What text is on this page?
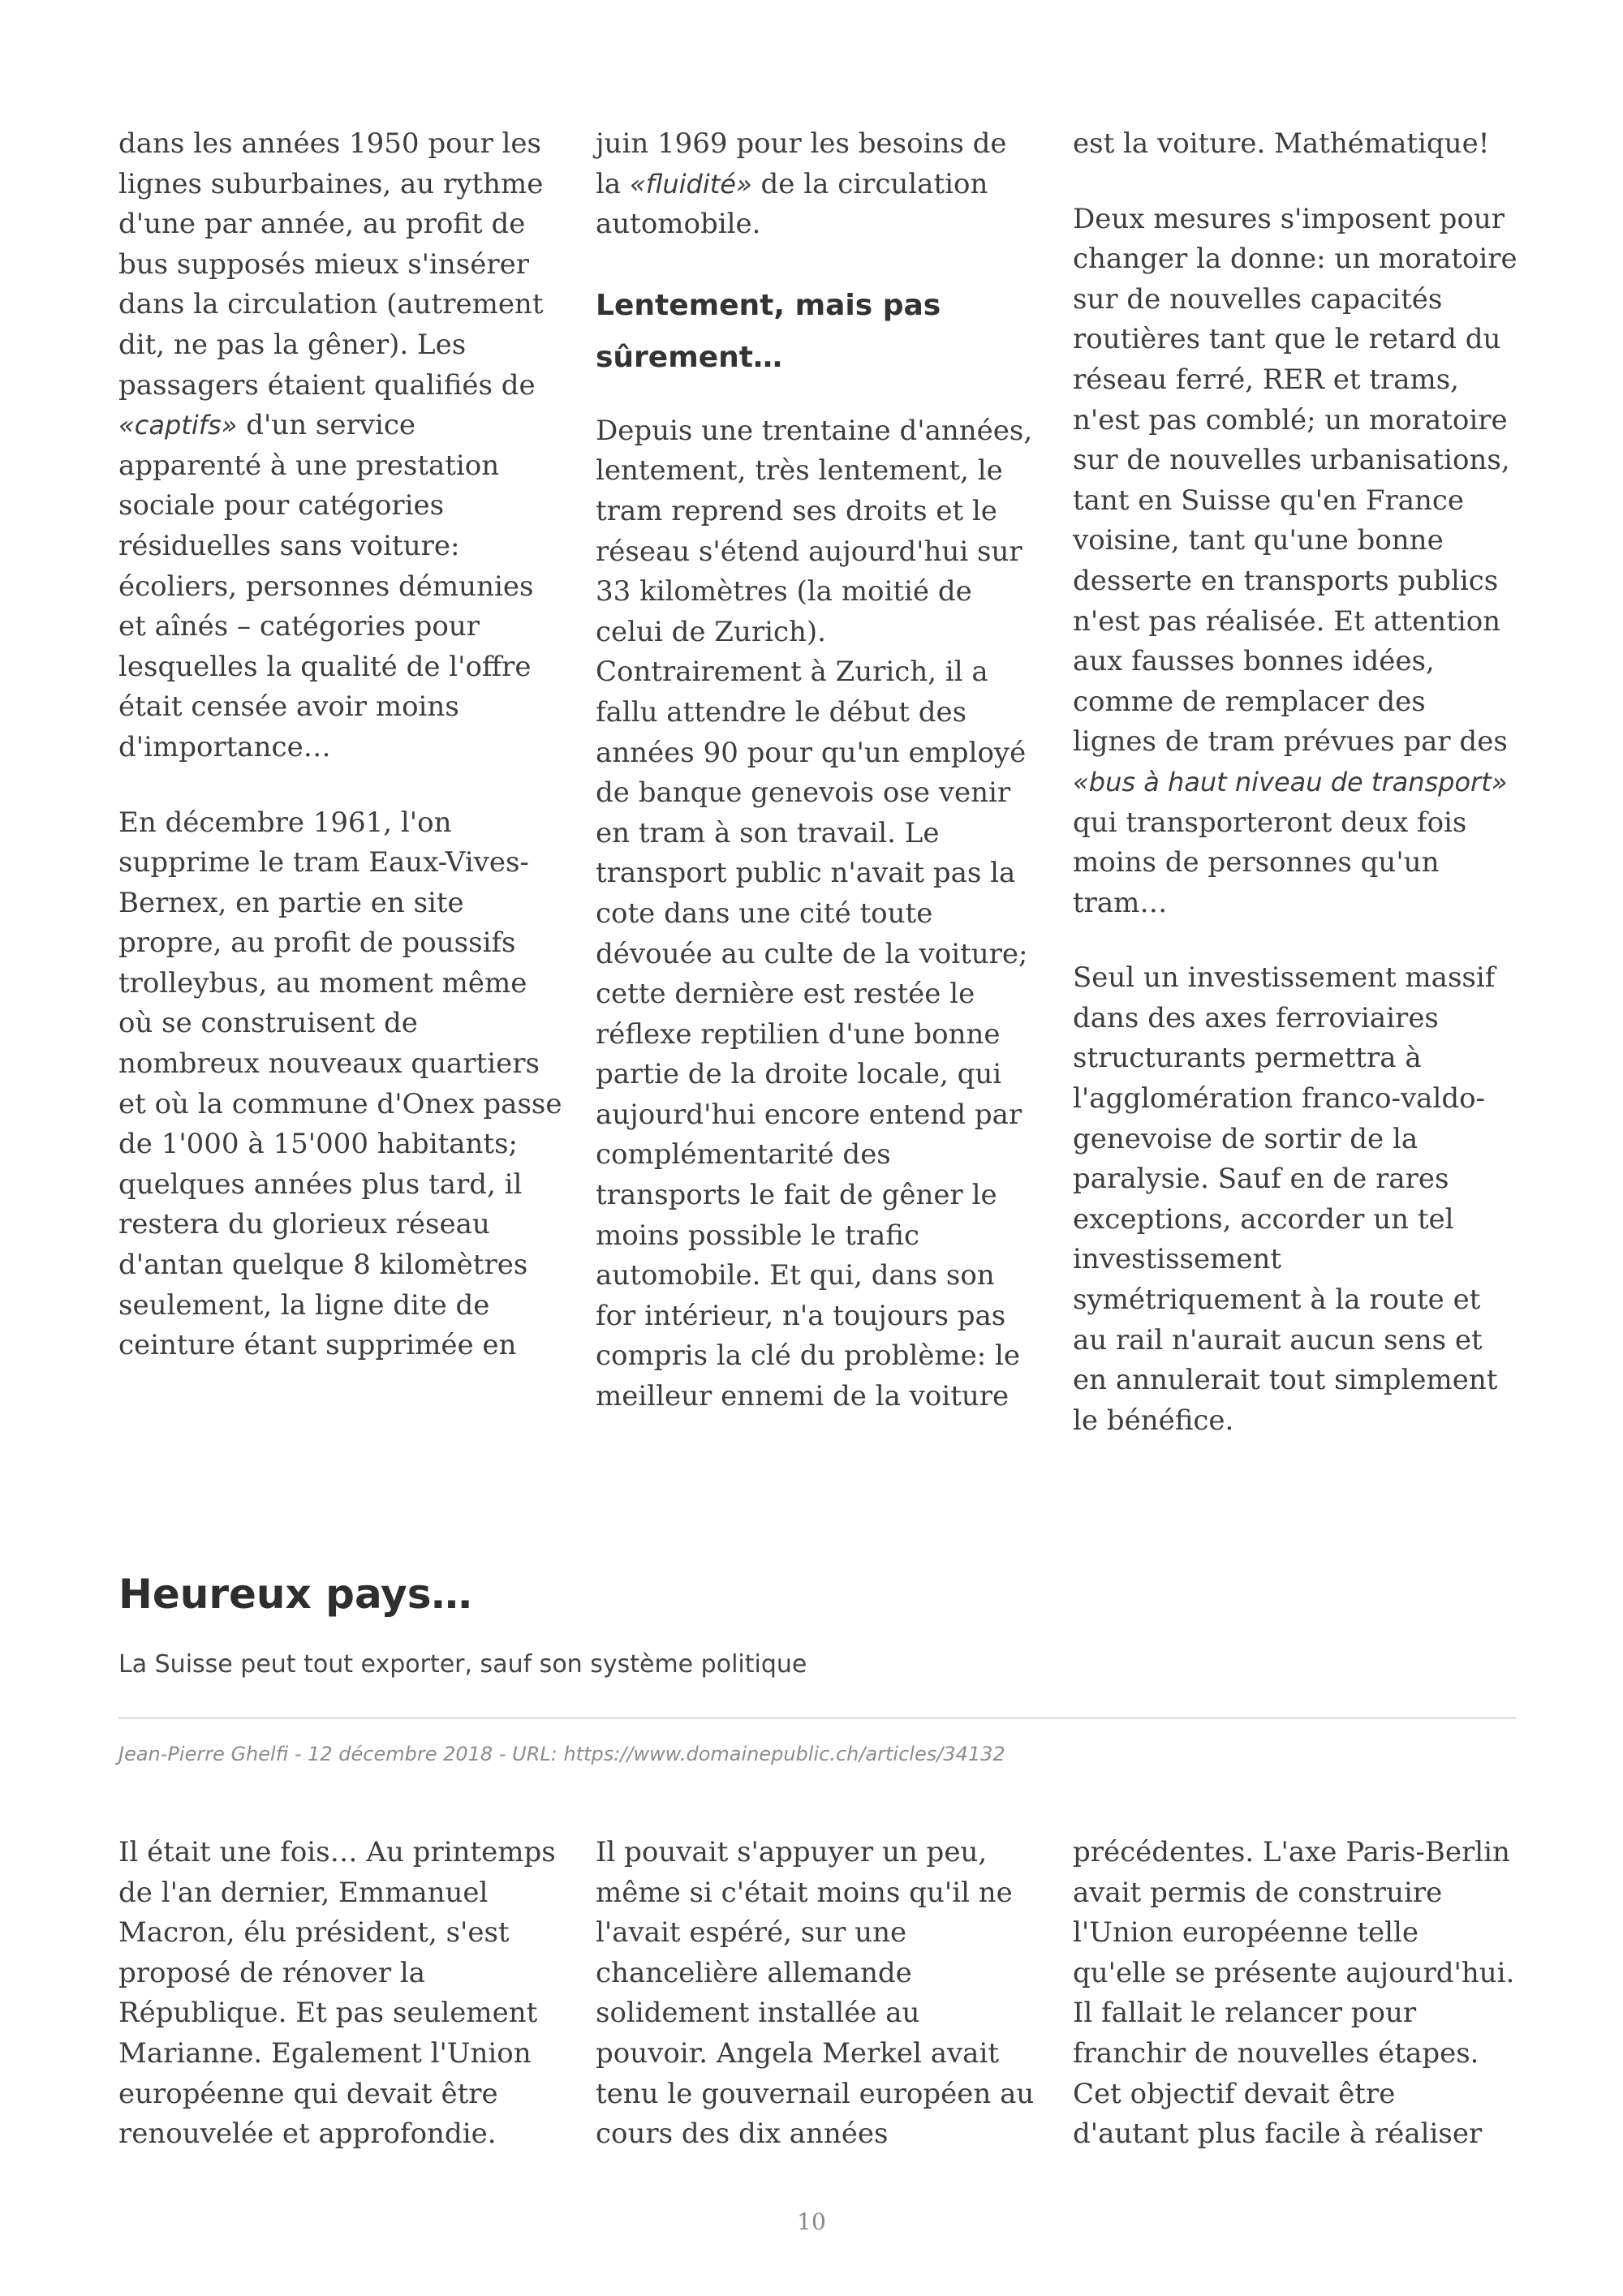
dans les années 1950 pour les lignes suburbaines, au rythme d'une par année, au profit de bus supposés mieux s'insérer dans la circulation (autrement dit, ne pas la gêner). Les passagers étaient qualifiés de «captifs» d'un service apparenté à une prestation sociale pour catégories résiduelles sans voiture: écoliers, personnes démunies et aînés – catégories pour lesquelles la qualité de l'offre était censée avoir moins d'importance…

En décembre 1961, l'on supprime le tram Eaux-Vives-Bernex, en partie en site propre, au profit de poussifs trolleybus, au moment même où se construisent de nombreux nouveaux quartiers et où la commune d'Onex passe de 1'000 à 15'000 habitants; quelques années plus tard, il restera du glorieux réseau d'antan quelque 8 kilomètres seulement, la ligne dite de ceinture étant supprimée en

juin 1969 pour les besoins de la «fluidité» de la circulation automobile.

Lentement, mais pas sûrement…

Depuis une trentaine d'années, lentement, très lentement, le tram reprend ses droits et le réseau s'étend aujourd'hui sur 33 kilomètres (la moitié de celui de Zurich). Contrairement à Zurich, il a fallu attendre le début des années 90 pour qu'un employé de banque genevois ose venir en tram à son travail. Le transport public n'avait pas la cote dans une cité toute dévouée au culte de la voiture; cette dernière est restée le réflexe reptilien d'une bonne partie de la droite locale, qui aujourd'hui encore entend par complémentarité des transports le fait de gêner le moins possible le trafic automobile. Et qui, dans son for intérieur, n'a toujours pas compris la clé du problème: le meilleur ennemi de la voiture

est la voiture. Mathématique!

Deux mesures s'imposent pour changer la donne: un moratoire sur de nouvelles capacités routières tant que le retard du réseau ferré, RER et trams, n'est pas comblé; un moratoire sur de nouvelles urbanisations, tant en Suisse qu'en France voisine, tant qu'une bonne desserte en transports publics n'est pas réalisée. Et attention aux fausses bonnes idées, comme de remplacer des lignes de tram prévues par des «bus à haut niveau de transport» qui transporteront deux fois moins de personnes qu'un tram…

Seul un investissement massif dans des axes ferroviaires structurants permettra à l'agglomération franco-valdo-genevoise de sortir de la paralysie. Sauf en de rares exceptions, accorder un tel investissement symétriquement à la route et au rail n'aurait aucun sens et en annulerait tout simplement le bénéfice.

Heureux pays…

La Suisse peut tout exporter, sauf son système politique

Jean-Pierre Ghelfi - 12 décembre 2018 - URL: https://www.domainepublic.ch/articles/34132

Il était une fois… Au printemps de l'an dernier, Emmanuel Macron, élu président, s'est proposé de rénover la République. Et pas seulement Marianne. Egalement l'Union européenne qui devait être renouvelée et approfondie.

Il pouvait s'appuyer un peu, même si c'était moins qu'il ne l'avait espéré, sur une chancelière allemande solidement installée au pouvoir. Angela Merkel avait tenu le gouvernail européen au cours des dix années

précédentes. L'axe Paris-Berlin avait permis de construire l'Union européenne telle qu'elle se présente aujourd'hui. Il fallait le relancer pour franchir de nouvelles étapes. Cet objectif devait être d'autant plus facile à réaliser

10
